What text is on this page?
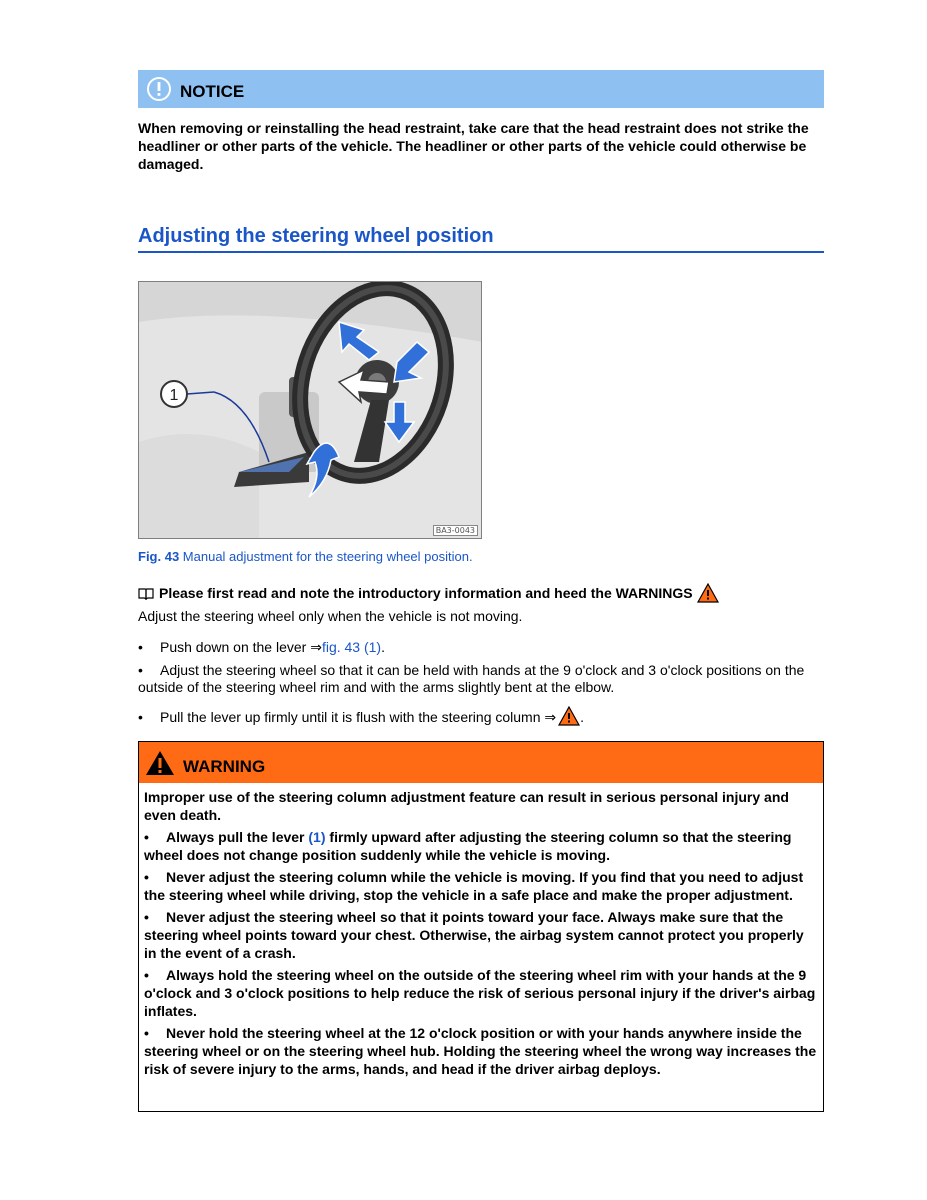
NOTICE
When removing or reinstalling the head restraint, take care that the head restraint does not strike the headliner or other parts of the vehicle. The headliner or other parts of the vehicle could otherwise be damaged.
Adjusting the steering wheel position
1
BA3-0043
Fig. 43 Manual adjustment for the steering wheel position.
Please first read and note the introductory information and heed the WARNINGS
Adjust the steering wheel only when the vehicle is not moving.
• Push down on the lever ⇒fig. 43 (1).
• Adjust the steering wheel so that it can be held with hands at the 9 o'clock and 3 o'clock positions on the outside of the steering wheel rim and with the arms slightly bent at the elbow.
•	Pull the lever up firmly until it is flush with the steering column ⇒ .
WARNING

Improper use of the steering column adjustment feature can result in serious personal injury and even death.

• Always pull the lever (1) firmly upward after adjusting the steering column so that the steering wheel does not change position suddenly while the vehicle is moving.

• Never adjust the steering column while the vehicle is moving. If you find that you need to adjust the steering wheel while driving, stop the vehicle in a safe place and make the proper adjustment.

• Never adjust the steering wheel so that it points toward your face. Always make sure that the steering wheel points toward your chest. Otherwise, the airbag system cannot protect you properly in the event of a crash.

• Always hold the steering wheel on the outside of the steering wheel rim with your hands at the 9 o'clock and 3 o'clock positions to help reduce the risk of serious personal injury if the driver's airbag inflates.

• Never hold the steering wheel at the 12 o'clock position or with your hands anywhere inside the steering wheel or on the steering wheel hub. Holding the steering wheel the wrong way increases the risk of severe injury to the arms, hands, and head if the driver airbag deploys.
